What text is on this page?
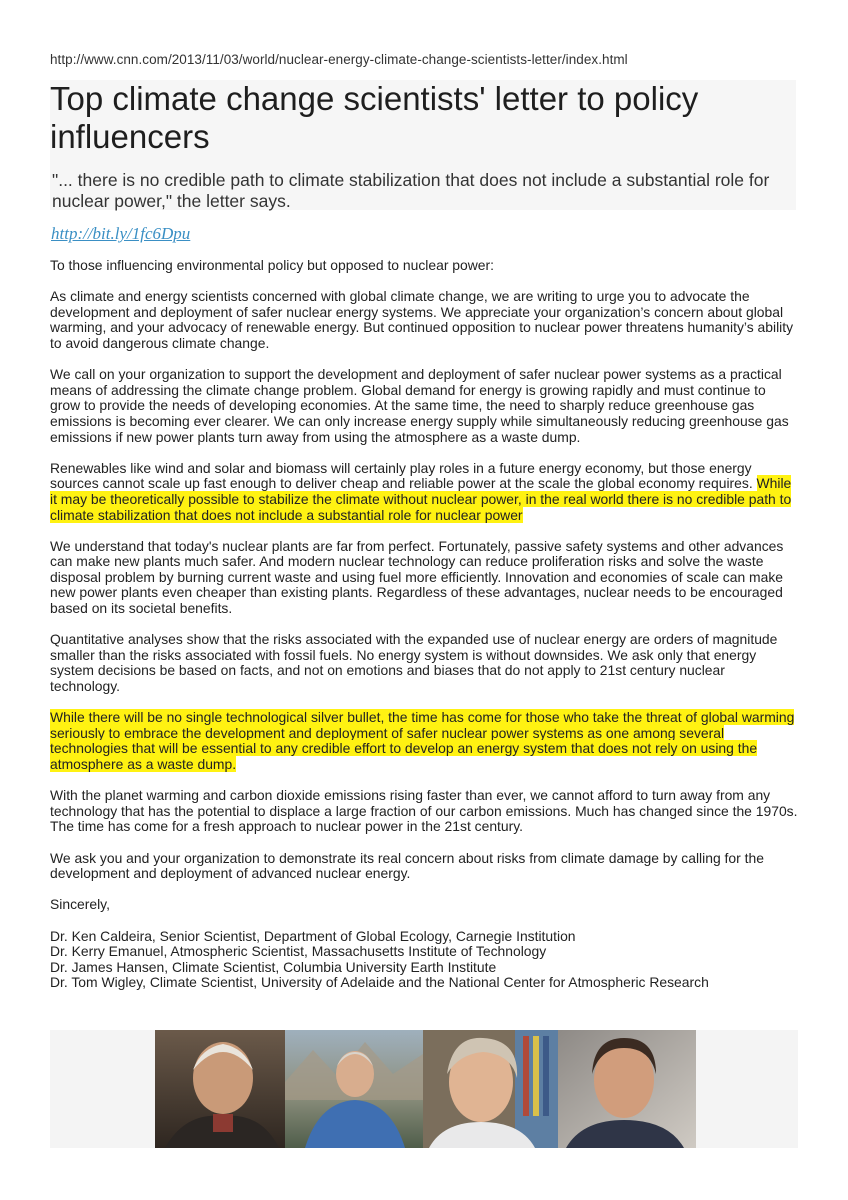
http://www.cnn.com/2013/11/03/world/nuclear-energy-climate-change-scientists-letter/index.html
Top climate change scientists' letter to policy influencers
"... there is no credible path to climate stabilization that does not include a substantial role for nuclear power," the letter says.
http://bit.ly/1fc6Dpu

To those influencing environmental policy but opposed to nuclear power:

As climate and energy scientists concerned with global climate change, we are writing to urge you to advocate the development and deployment of safer nuclear energy systems. We appreciate your organization’s concern about global warming, and your advocacy of renewable energy. But continued opposition to nuclear power threatens humanity’s ability to avoid dangerous climate change.

We call on your organization to support the development and deployment of safer nuclear power systems as a practical means of addressing the climate change problem. Global demand for energy is growing rapidly and must continue to grow to provide the needs of developing economies. At the same time, the need to sharply reduce greenhouse gas emissions is becoming ever clearer. We can only increase energy supply while simultaneously reducing greenhouse gas emissions if new power plants turn away from using the atmosphere as a waste dump.

Renewables like wind and solar and biomass will certainly play roles in a future energy economy, but those energy sources cannot scale up fast enough to deliver cheap and reliable power at the scale the global economy requires. While it may be theoretically possible to stabilize the climate without nuclear power, in the real world there is no credible path to climate stabilization that does not include a substantial role for nuclear power

We understand that today's nuclear plants are far from perfect. Fortunately, passive safety systems and other advances can make new plants much safer. And modern nuclear technology can reduce proliferation risks and solve the waste disposal problem by burning current waste and using fuel more efficiently. Innovation and economies of scale can make new power plants even cheaper than existing plants. Regardless of these advantages, nuclear needs to be encouraged based on its societal benefits.

Quantitative analyses show that the risks associated with the expanded use of nuclear energy are orders of magnitude smaller than the risks associated with fossil fuels. No energy system is without downsides. We ask only that energy system decisions be based on facts, and not on emotions and biases that do not apply to 21st century nuclear technology.

While there will be no single technological silver bullet, the time has come for those who take the threat of global warming seriously to embrace the development and deployment of safer nuclear power systems as one among several technologies that will be essential to any credible effort to develop an energy system that does not rely on using the atmosphere as a waste dump.

With the planet warming and carbon dioxide emissions rising faster than ever, we cannot afford to turn away from any technology that has the potential to displace a large fraction of our carbon emissions. Much has changed since the 1970s. The time has come for a fresh approach to nuclear power in the 21st century.

We ask you and your organization to demonstrate its real concern about risks from climate damage by calling for the development and deployment of advanced nuclear energy.

Sincerely,

Dr. Ken Caldeira, Senior Scientist, Department of Global Ecology, Carnegie Institution
Dr. Kerry Emanuel, Atmospheric Scientist, Massachusetts Institute of Technology
Dr. James Hansen, Climate Scientist, Columbia University Earth Institute
Dr. Tom Wigley, Climate Scientist, University of Adelaide and the National Center for Atmospheric Research
